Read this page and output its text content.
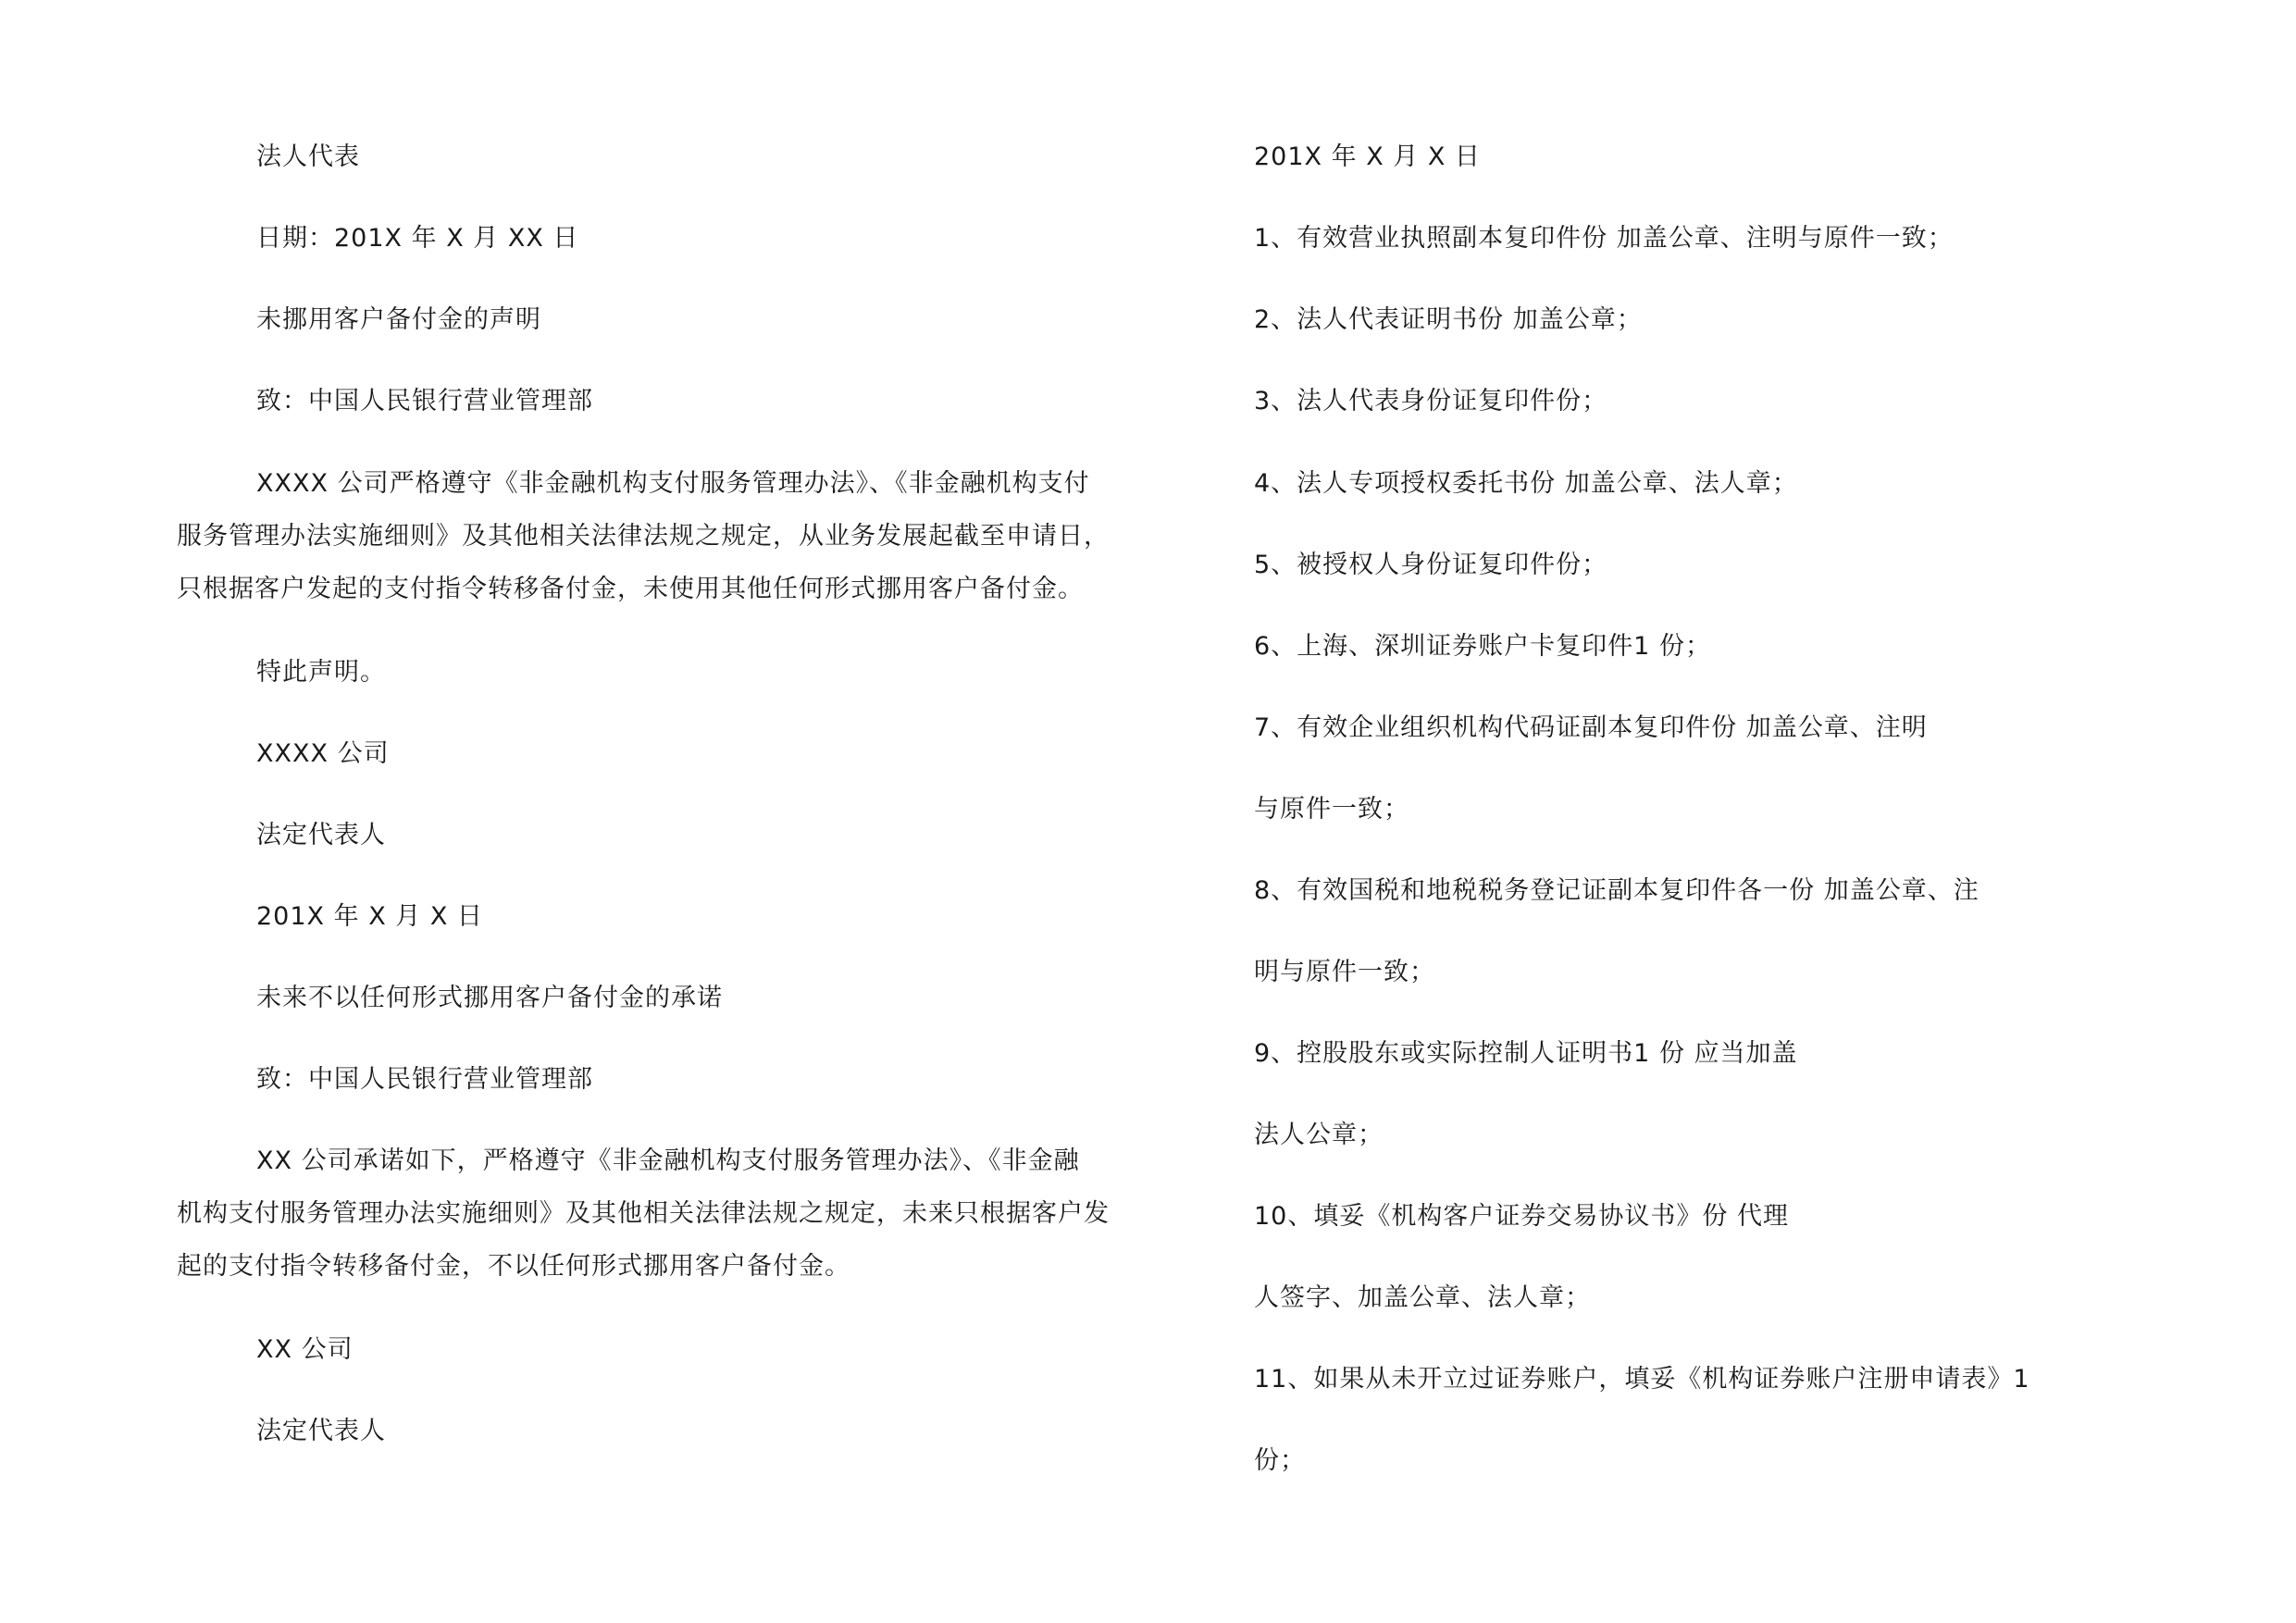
法人代表
日期：201X 年 X 月 XX 日
未挪用客户备付金的声明
致：中国人民银行营业管理部
XXXX 公司严格遵守《非金融机构支付服务管理办法》、《非金融机构支付
服务管理办法实施细则》及其他相关法律法规之规定，从业务发展起截至申请日，
只根据客户发起的支付指令转移备付金，未使用其他任何形式挪用客户备付金。
特此声明。
XXXX 公司
法定代表人
201X 年 X 月 X 日
未来不以任何形式挪用客户备付金的承诺
致：中国人民银行营业管理部
XX 公司承诺如下，严格遵守《非金融机构支付服务管理办法》、《非金融
机构支付服务管理办法实施细则》及其他相关法律法规之规定，未来只根据客户发
起的支付指令转移备付金，不以任何形式挪用客户备付金。
XX 公司
法定代表人
201X 年 X 月 X 日
1、有效营业执照副本复印件份 加盖公章、注明与原件一致；
2、法人代表证明书份 加盖公章；
3、法人代表身份证复印件份；
4、法人专项授权委托书份 加盖公章、法人章；
5、被授权人身份证复印件份；
6、上海、深圳证券账户卡复印件1 份；
7、有效企业组织机构代码证副本复印件份 加盖公章、注明
与原件一致；
8、有效国税和地税税务登记证副本复印件各一份 加盖公章、注
明与原件一致；
9、控股股东或实际控制人证明书1 份 应当加盖
法人公章；
10、填妥《机构客户证券交易协议书》份 代理
人签字、加盖公章、法人章；
11、如果从未开立过证券账户，填妥《机构证券账户注册申请表》1
份；
